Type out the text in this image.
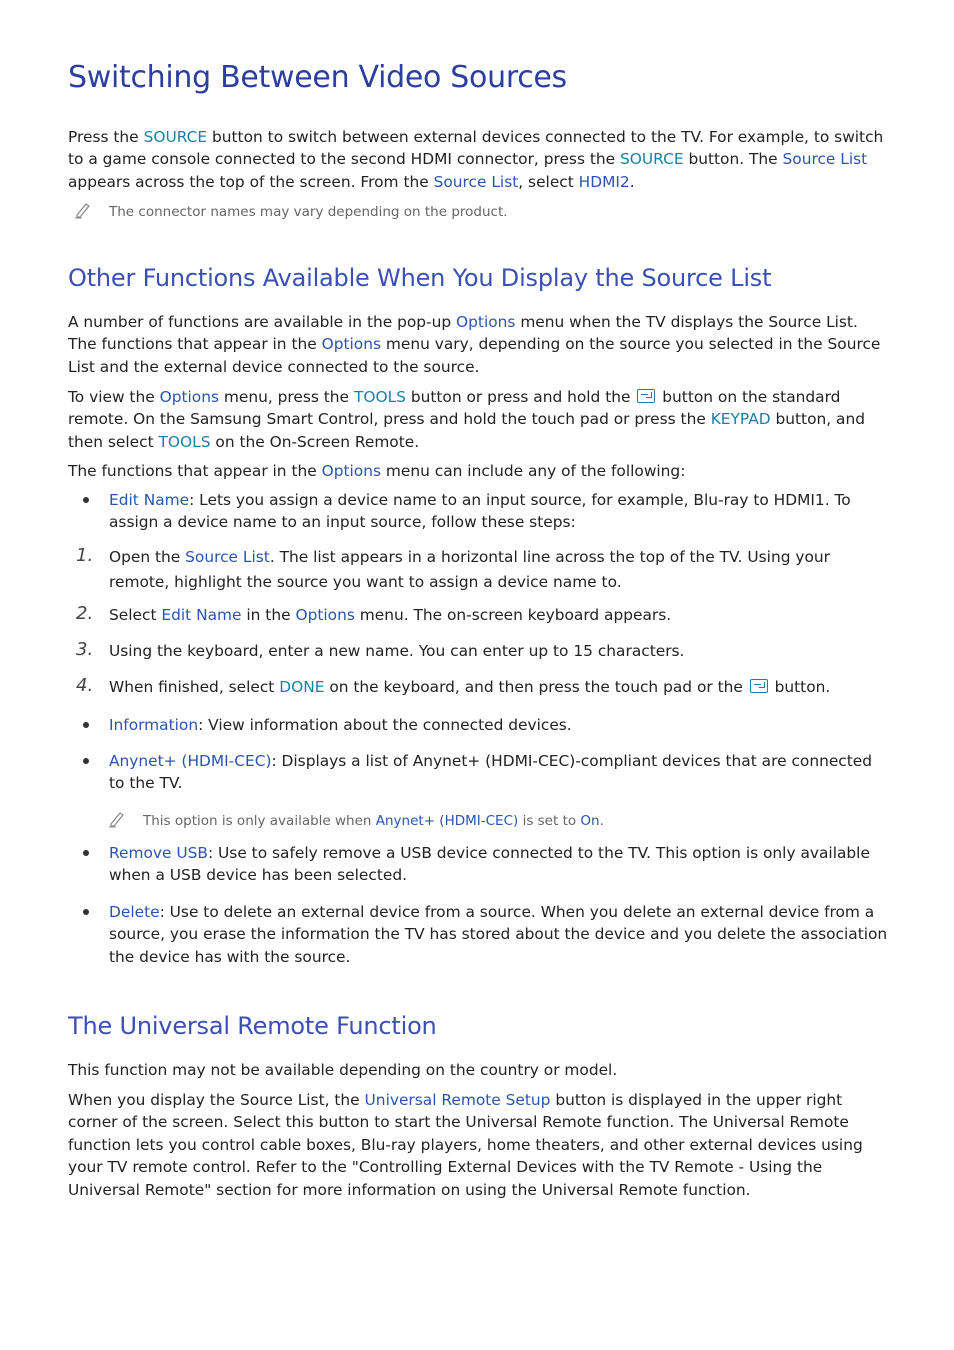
Switching Between Video Sources

Press the SOURCE button to switch between external devices connected to the TV. For example, to switch to a game console connected to the second HDMI connector, press the SOURCE button. The Source List appears across the top of the screen. From the Source List, select HDMI2.

The connector names may vary depending on the product.

Other Functions Available When You Display the Source List

A number of functions are available in the pop-up Options menu when the TV displays the Source List. The functions that appear in the Options menu vary, depending on the source you selected in the Source List and the external device connected to the source.

To view the Options menu, press the TOOLS button or press and hold the  button on the standard remote. On the Samsung Smart Control, press and hold the touch pad or press the KEYPAD button, and then select TOOLS on the On-Screen Remote.

The functions that appear in the Options menu can include any of the following:

Edit Name: Lets you assign a device name to an input source, for example, Blu-ray to HDMI1. To assign a device name to an input source, follow these steps:

1. Open the Source List. The list appears in a horizontal line across the top of the TV. Using your remote, highlight the source you want to assign a device name to.

2. Select Edit Name in the Options menu. The on-screen keyboard appears.

3. Using the keyboard, enter a new name. You can enter up to 15 characters.

4. When finished, select DONE on the keyboard, and then press the touch pad or the  button.

Information: View information about the connected devices.

Anynet+ (HDMI-CEC): Displays a list of Anynet+ (HDMI-CEC)-compliant devices that are connected to the TV.

This option is only available when Anynet+ (HDMI-CEC) is set to On.

Remove USB: Use to safely remove a USB device connected to the TV. This option is only available when a USB device has been selected.

Delete: Use to delete an external device from a source. When you delete an external device from a source, you erase the information the TV has stored about the device and you delete the association the device has with the source.

The Universal Remote Function

This function may not be available depending on the country or model.

When you display the Source List, the Universal Remote Setup button is displayed in the upper right corner of the screen. Select this button to start the Universal Remote function. The Universal Remote function lets you control cable boxes, Blu-ray players, home theaters, and other external devices using your TV remote control. Refer to the "Controlling External Devices with the TV Remote - Using the Universal Remote" section for more information on using the Universal Remote function.
